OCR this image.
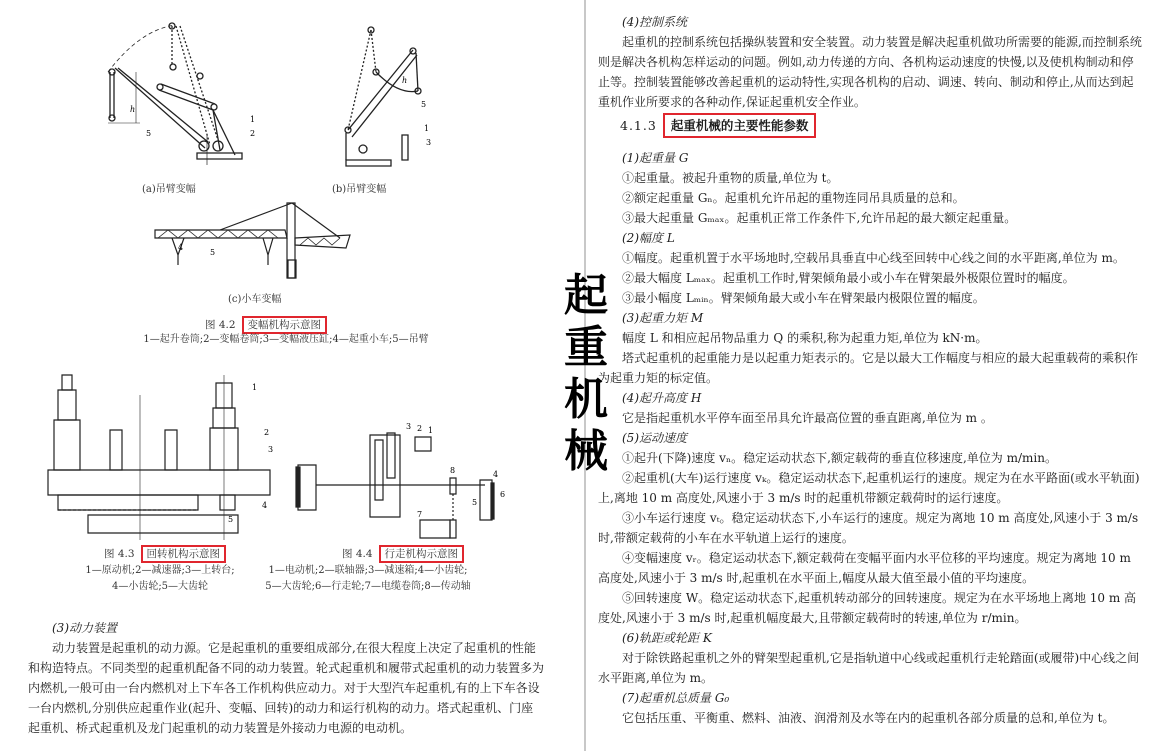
1
2
5
h
1
3
5
h
(a)吊臂变幅	(b)吊臂变幅
4
5
(c)小车变幅
图 4.2 变幅机构示意图
1—起升卷筒;2—变幅卷筒;3—变幅液压缸;4—起重小车;5—吊臂
1
2
3
4
5
1
2
3
4
5
6
7
8
图 4.3 回转机构示意图
1—原动机;2—减速器;3—上转台;
4—小齿轮;5—大齿轮
图 4.4 行走机构示意图
1—电动机;2—联轴器;3—减速箱;4—小齿轮;
5—大齿轮;6—行走轮;7—电缆卷筒;8—传动轴

(3)动力装置

动力装置是起重机的动力源。它是起重机的重要组成部分,在很大程度上决定了起重机的性能和构造特点。不同类型的起重机配备不同的动力装置。轮式起重机和履带式起重机的动力装置多为内燃机,一般可由一台内燃机对上下车各工作机构供应动力。对于大型汽车起重机,有的上下车各设一台内燃机,分别供应起重作业(起升、变幅、回转)的动力和运行机构的动力。塔式起重机、门座起重机、桥式起重机及龙门起重机的动力装置是外接动力电源的电动机。

起
重
机
械

(4)控制系统

起重机的控制系统包括操纵装置和安全装置。动力装置是解决起重机做功所需要的能源,而控制系统则是解决各机构怎样运动的问题。例如,动力传递的方向、各机构运动速度的快慢,以及使机构制动和停止等。控制装置能够改善起重机的运动特性,实现各机构的启动、调速、转向、制动和停止,从而达到起重机作业所要求的各种动作,保证起重机安全作业。

4.1.3 起重机械的主要性能参数

(1)起重量 G

①起重量。被起升重物的质量,单位为 t。

②额定起重量 Gₙ。起重机允许吊起的重物连同吊具质量的总和。

③最大起重量 Gₘₐₓ。起重机正常工作条件下,允许吊起的最大额定起重量。

(2)幅度 L

①幅度。起重机置于水平场地时,空载吊具垂直中心线至回转中心线之间的水平距离,单位为 m。

②最大幅度 Lₘₐₓ。起重机工作时,臂架倾角最小或小车在臂架最外极限位置时的幅度。

③最小幅度 Lₘᵢₙ。臂架倾角最大或小车在臂架最内极限位置的幅度。

(3)起重力矩 M

幅度 L 和相应起吊物品重力 Q 的乘积,称为起重力矩,单位为 kN·m。

塔式起重机的起重能力是以起重力矩表示的。它是以最大工作幅度与相应的最大起重载荷的乘积作为起重力矩的标定值。

(4)起升高度 H

它是指起重机水平停车面至吊具允许最高位置的垂直距离,单位为 m 。

(5)运动速度

①起升(下降)速度 vₙ。稳定运动状态下,额定载荷的垂直位移速度,单位为 m/min。

②起重机(大车)运行速度 vₖ。稳定运动状态下,起重机运行的速度。规定为在水平路面(或水平轨面)上,离地 10 m 高度处,风速小于 3 m/s 时的起重机带额定载荷时的运行速度。

③小车运行速度 vₜ。稳定运动状态下,小车运行的速度。规定为离地 10 m 高度处,风速小于 3 m/s 时,带额定载荷的小车在水平轨道上运行的速度。

④变幅速度 vᵣ。稳定运动状态下,额定载荷在变幅平面内水平位移的平均速度。规定为离地 10 m 高度处,风速小于 3 m/s 时,起重机在水平面上,幅度从最大值至最小值的平均速度。

⑤回转速度 W。稳定运动状态下,起重机转动部分的回转速度。规定为在水平场地上离地 10 m 高度处,风速小于 3 m/s 时,起重机幅度最大,且带额定载荷时的转速,单位为 r/min。

(6)轨距或轮距 K

对于除铁路起重机之外的臂架型起重机,它是指轨道中心线或起重机行走轮踏面(或履带)中心线之间水平距离,单位为 m。

(7)起重机总质量 G₀

它包括压重、平衡重、燃料、油液、润滑剂及水等在内的起重机各部分质量的总和,单位为 t。
